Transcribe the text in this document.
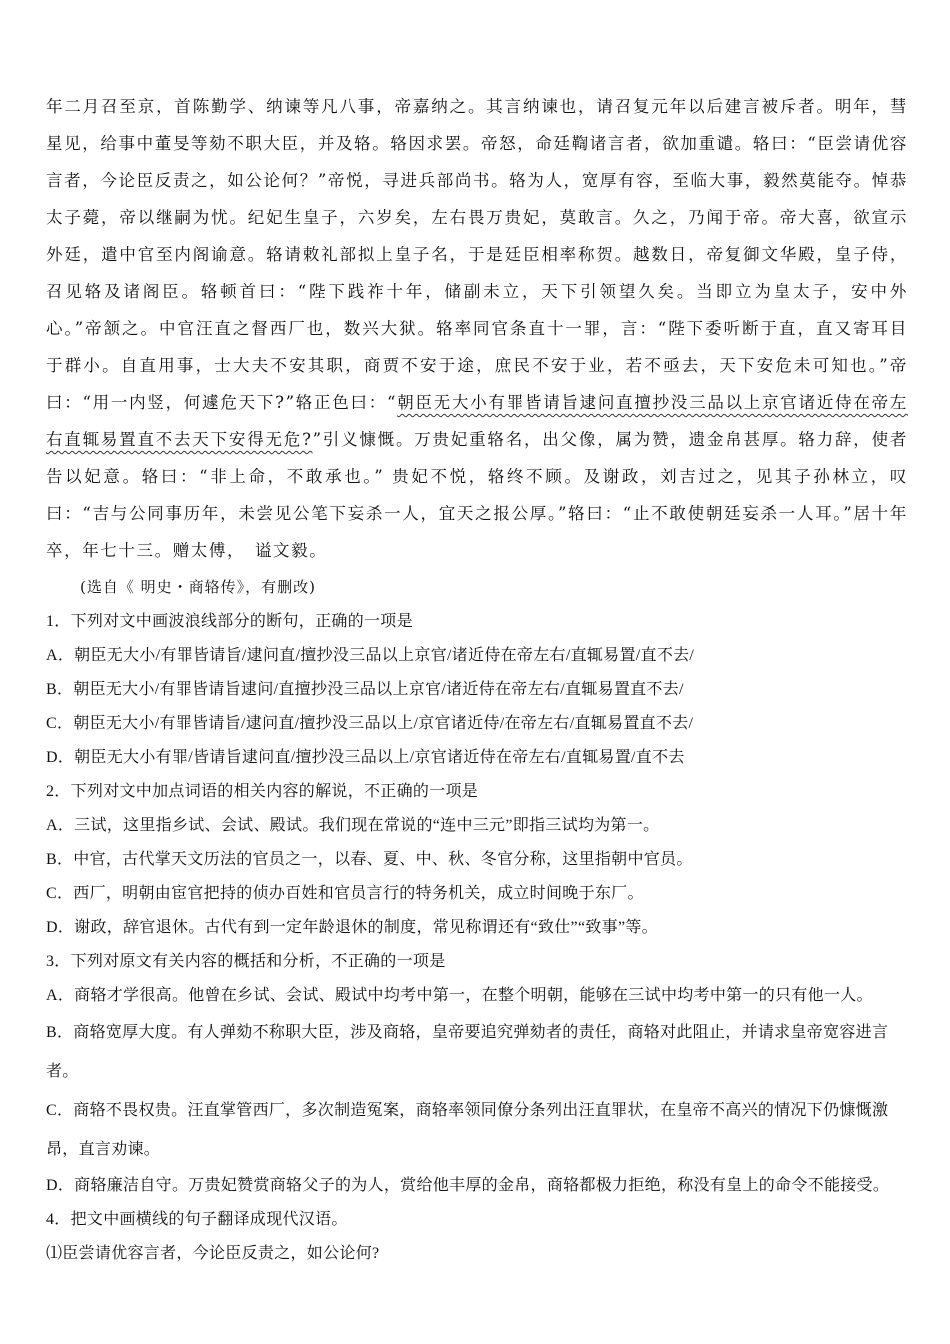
年二月召至京，首陈勤学、纳谏等凡八事，帝嘉纳之。其言纳谏也，请召复元年以后建言被斥者。明年，彗星见，给事中董旻等劾不职大臣，并及辂。辂因求罢。帝怒，命廷鞫诸言者，欲加重谴。辂曰：“臣尝请优容言者，今论臣反责之，如公论何？”帝悦，寻进兵部尚书。辂为人，宽厚有容，至临大事，毅然莫能夺。悼恭太子薨，帝以继嗣为忧。纪妃生皇子，六岁矣，左右畏万贵妃，莫敢言。久之，乃闻于帝。帝大喜，欲宣示外廷，遣中官至内阁谕意。辂请敕礼部拟上皇子名，于是廷臣相率称贺。越数日，帝复御文华殿，皇子侍，召见辂及诸阁臣。辂顿首曰：“陛下践祚十年，储副未立，天下引领望久矣。当即立为皇太子，安中外心。”帝颔之。中官汪直之督西厂也，数兴大狱。辂率同官条直十一罪，言：“陛下委听断于直，直又寄耳目于群小。自直用事，士大夫不安其职，商贾不安于途，庶民不安于业，若不亟去，天下安危未可知也。”帝曰：“用一内竖，何遽危天下?”辂正色曰：“朝臣无大小有罪皆请旨逮问直擅抄没三品以上京官诸近侍在帝左右直辄易置直不去天下安得无危?”引义慷慨。万贵妃重辂名，出父像，属为赞，遗金帛甚厚。辂力辞，使者告以妃意。辂曰：“非上命，不敢承也。” 贵妃不悦，辂终不顾。及谢政，刘吉过之，见其子孙林立，叹曰：“吉与公同事历年，未尝见公笔下妄杀一人，宜天之报公厚。”辂曰：“止不敢使朝廷妄杀一人耳。”居十年卒，年七十三。赠太傅，　谥文毅。

(选自《 明史・商辂传》，有删改)

1．下列对文中画波浪线部分的断句，正确的一项是

A．朝臣无大小/有罪皆请旨/逮问直/擅抄没三品以上京官/诸近侍在帝左右/直辄易置/直不去/

B．朝臣无大小/有罪皆请旨逮问/直擅抄没三品以上京官/诸近侍在帝左右/直辄易置直不去/

C．朝臣无大小/有罪皆请旨/逮问直/擅抄没三品以上/京官诸近侍/在帝左右/直辄易置直不去/

D．朝臣无大小有罪/皆请旨逮问直/擅抄没三品以上/京官诸近侍在帝左右/直辄易置/直不去

2．下列对文中加点词语的相关内容的解说，不正确的一项是

A．三试，这里指乡试、会试、殿试。我们现在常说的“连中三元”即指三试均为第一。

B．中官，古代掌天文历法的官员之一，以春、夏、中、秋、冬官分称，这里指朝中官员。

C．西厂，明朝由宦官把持的侦办百姓和官员言行的特务机关，成立时间晚于东厂。

D．谢政，辞官退休。古代有到一定年龄退休的制度，常见称谓还有“致仕”“致事”等。

3．下列对原文有关内容的概括和分析，不正确的一项是

A．商辂才学很高。他曾在乡试、会试、殿试中均考中第一，在整个明朝，能够在三试中均考中第一的只有他一人。

B．商辂宽厚大度。有人弹劾不称职大臣，涉及商辂，皇帝要追究弹劾者的责任，商辂对此阻止，并请求皇帝宽容进言者。

C．商辂不畏权贵。汪直掌管西厂，多次制造冤案，商辂率领同僚分条列出汪直罪状，在皇帝不高兴的情况下仍慷慨激昂，直言劝谏。

D．商辂廉洁自守。万贵妃赞赏商辂父子的为人，赏给他丰厚的金帛，商辂都极力拒绝，称没有皇上的命令不能接受。

4．把文中画横线的句子翻译成现代汉语。

⑴臣尝请优容言者，今论臣反责之，如公论何?
